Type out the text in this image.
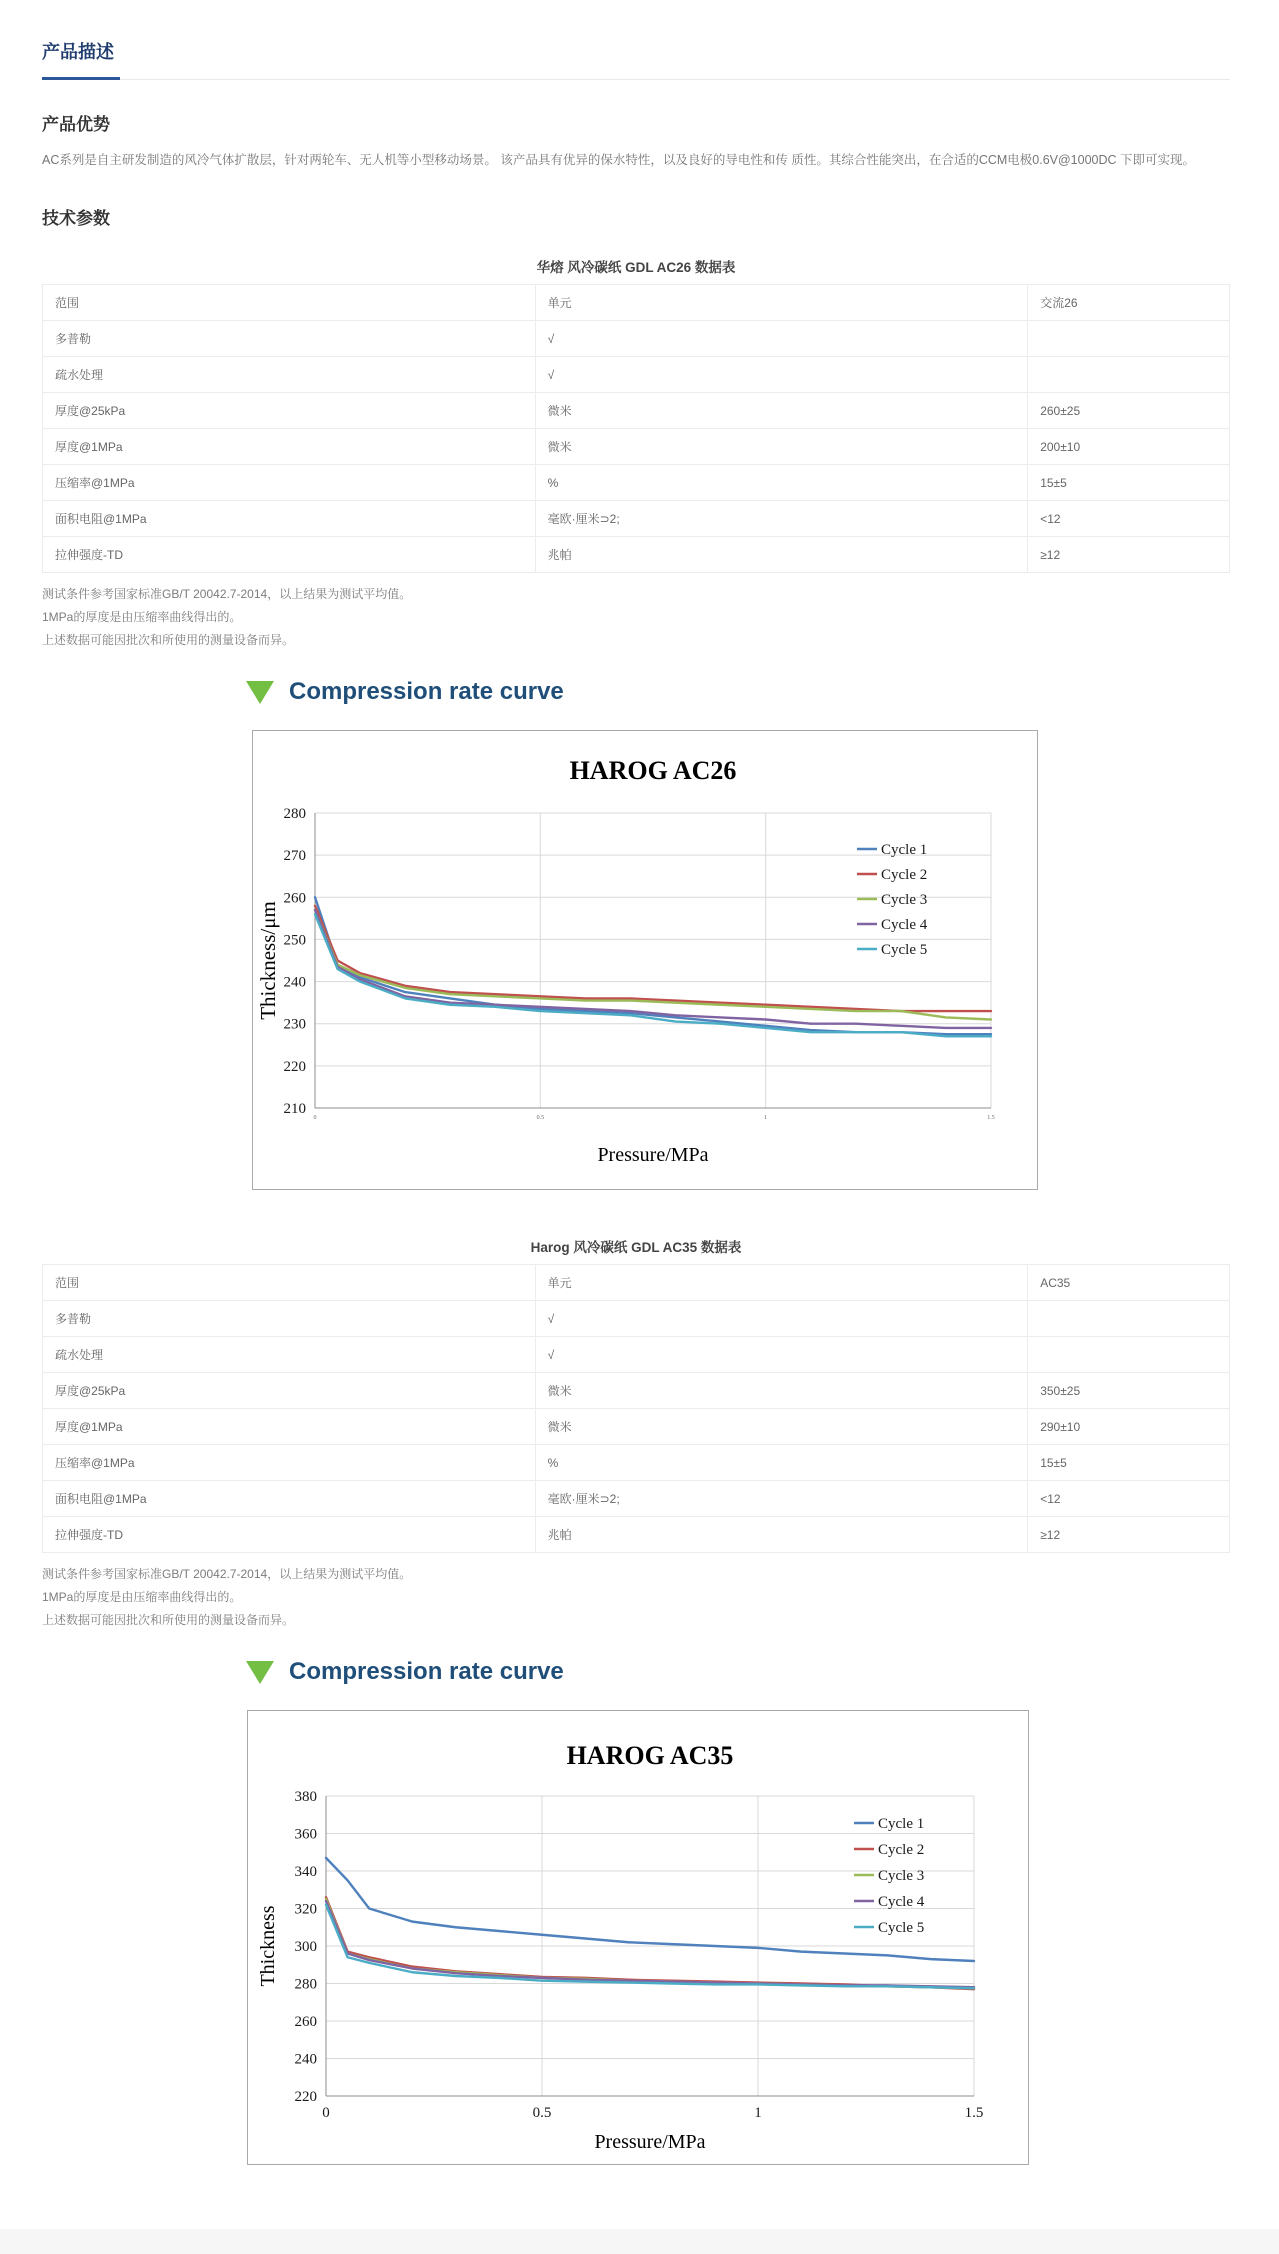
产品描述
产品优势

AC系列是自主研发制造的风冷气体扩散层，针对两轮车、无人机等小型移动场景。 该产品具有优异的保水特性，以及良好的导电性和传 质性。其综合性能突出，在合适的CCM电极0.6V@1000DC 下即可实现。

技术参数
华熔 风冷碳纸 GDL AC26 数据表
范围	单元	交流26
多普勒	√	
疏水处理	√	
厚度@25kPa	微米	260±25
厚度@1MPa	微米	200±10
压缩率@1MPa	%	15±5
面积电阻@1MPa	毫欧·厘米⊃2;	<12
拉伸强度-TD	兆帕	≥12
测试条件参考国家标准GB/T 20042.7-2014，以上结果为测试平均值。
1MPa的厚度是由压缩率曲线得出的。
上述数据可能因批次和所使用的测量设备而异。
Compression rate curve
210
220
230
240
250
260
270
280
0	0.5	1	1.5
Cycle 1
Cycle 2
Cycle 3
Cycle 4
Cycle 5
HAROG AC26
Thickness/μm
Pressure/MPa
Harog 风冷碳纸 GDL AC35 数据表
范围	单元	AC35
多普勒	√	
疏水处理	√	
厚度@25kPa	微米	350±25
厚度@1MPa	微米	290±10
压缩率@1MPa	%	15±5
面积电阻@1MPa	毫欧·厘米⊃2;	<12
拉伸强度-TD	兆帕	≥12
测试条件参考国家标准GB/T 20042.7-2014，以上结果为测试平均值。
1MPa的厚度是由压缩率曲线得出的。
上述数据可能因批次和所使用的测量设备而异。
Compression rate curve
220
240
260
280
300
320
340
360
380
0	0.5	1	1.5
Cycle 1
Cycle 2
Cycle 3
Cycle 4
Cycle 5
HAROG AC35
Thickness
Pressure/MPa
